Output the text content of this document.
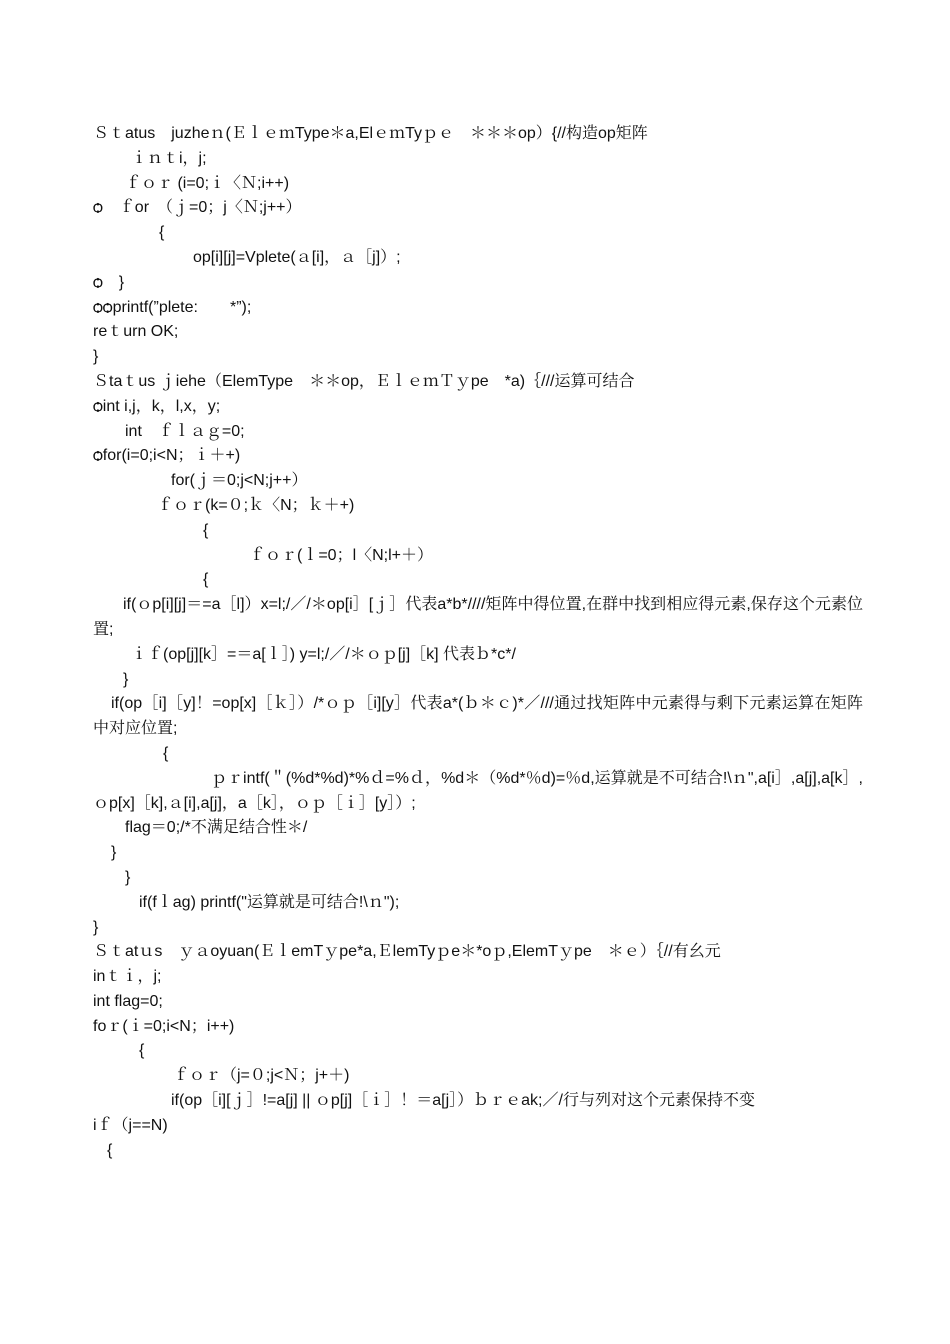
Ｓｔatus　juzheｎ(ＥｌｅｍType＊a,ElｅｍTyｐｅ　＊＊＊op）{//构造op矩阵
ｉｎｔi，j;
ｆｏｒ (i=0;ｉ〈Ｎ;i++)
ѻ　ｆor　（ｊ=0；j〈Ｎ;j++）
{
op[i][j]=Vplete(ａ[i]，ａ［j]）;
ѻ　}
ѻѻprintf(”plete:　　*”);
reｔurn OK;
}
Ｓtaｔus ｊiehe（ElemType　＊＊op，ＥｌｅｍＴｙpe　*a)｛///运算可结合
ѻint i,j，k，l,x，y;
int　ｆｌａｇ=0;
ѻfor(i=0;i<N；ｉ＋+)
for(ｊ＝0;j<N;j++）
ｆｏｒ(k=０;ｋ〈N；ｋ＋+)
{
ｆｏｒ(ｌ=0；l〈N;l+＋）
{
if(ｏp[i][j]＝=a［l]）x=l;/／/＊op[i］[ｊ］代表a*b*////矩阵中得位置,在群中找到相应得元素,保存这个元素位置;
ｉｆ(op[j][k］=＝a[ｌ］) y=l;/／/＊ｏｐ[j]［k] 代表ｂ*c*/
}
if(op［i]［y]！=op[x]［ｋ］）/*ｏｐ［i][y］代表a*(ｂ＊ｃ)*／///通过找矩阵中元素得与剩下元素运算在矩阵中对应位置;
{
ｐｒintf(＂(%d*%d)*%ｄ=%ｄ，%d＊（%d*％d)=％d,运算就是不可结合!\ｎ",a[i］,a[j],a[k］,ｏp[x]［k],ａ[i],a[j]，a［k］，ｏｐ［ｉ］[y］）;
flag＝0;/*不满足结合性＊/
}
}
if(fｌag) printf("运算就是可结合!\ｎ");
}
Ｓｔatｕs　ｙａoyuan(ＥｌemTｙpe*a,ＥlemTyｐe＊*oｐ,ElemTｙpe　＊ｅ）｛//有幺元
inｔｉ，j;
int flag=0;
foｒ(ｉ=0;i<N；i++)
{
ｆｏｒ（j=０;j<Ｎ；j+＋)
if(op［i][ｊ］!=a[j] || ｏp[j]［ｉ］！＝a[j］）ｂｒｅak;／/行与列对这个元素保持不变
iｆ（j==N)
{
